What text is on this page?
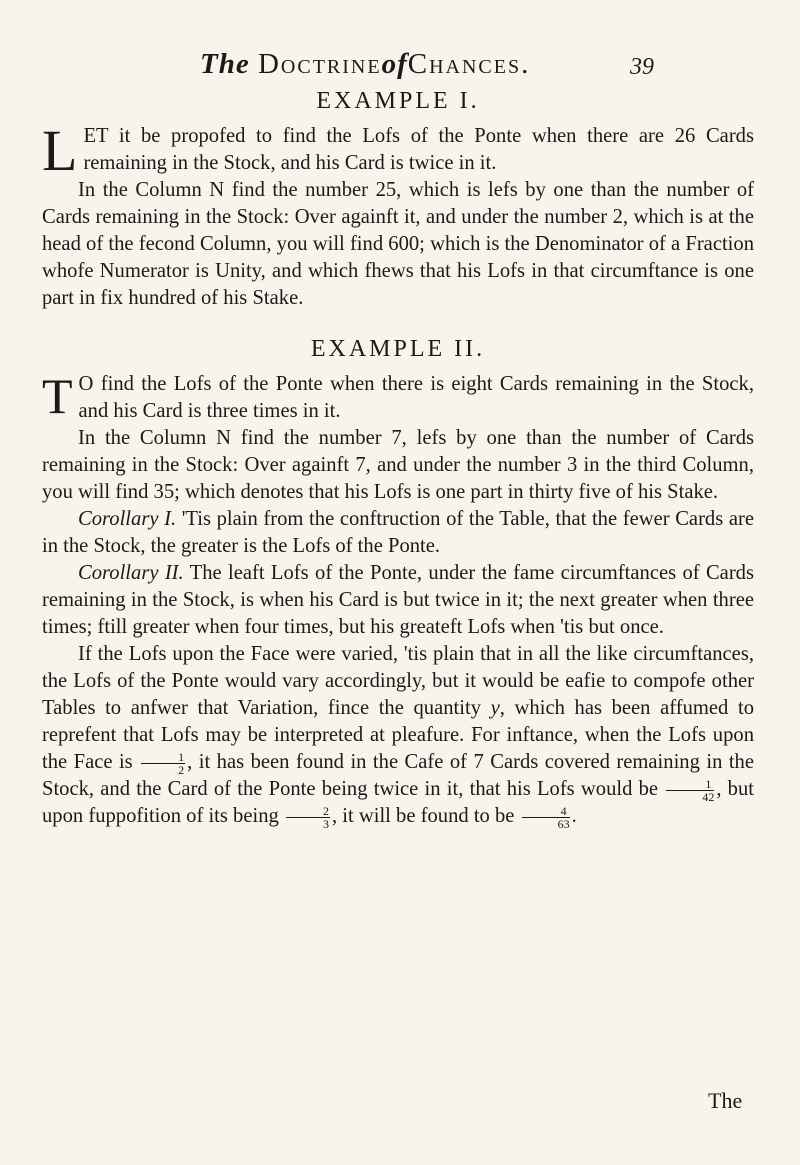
The DoctrineofChances.	39
EXAMPLE I.

LET it be propofed to find the Lofs of the Ponte when there are 26 Cards remaining in the Stock, and his Card is twice in it.

In the Column N find the number 25, which is lefs by one than the number of Cards remaining in the Stock: Over againft it, and under the number 2, which is at the head of the fecond Column, you will find 600; which is the Denominator of a Fraction whofe Numerator is Unity, and which fhews that his Lofs in that circumftance is one part in fix hundred of his Stake.

EXAMPLE II.

T O find the Lofs of the Ponte when there is eight Cards remaining in the Stock, and his Card is three times in it.

In the Column N find the number 7, lefs by one than the number of Cards remaining in the Stock: Over againft 7, and under the number 3 in the third Column, you will find 35; which denotes that his Lofs is one part in thirty five of his Stake.

Corollary I. 'Tis plain from the conftruction of the Table, that the fewer Cards are in the Stock, the greater is the Lofs of the Ponte.

Corollary II. The leaft Lofs of the Ponte, under the fame circumftances of Cards remaining in the Stock, is when his Card is but twice in it; the next greater when three times; ftill greater when four times, but his greateft Lofs when 'tis but once.

If the Lofs upon the Face were varied, 'tis plain that in all the like circumftances, the Lofs of the Ponte would vary accordingly, but it would be eafie to compofe other Tables to anfwer that Variation, fince the quantity y, which has been affumed to reprefent that Lofs may be interpreted at pleafure. For inftance, when the Lofs upon the Face is $\frac{1}{2}$ , it has been found in the Cafe of 7 Cards covered remaining in the Stock, and the Card of the Ponte being twice in it, that his Lofs would be $\frac{1}{42}$ , but upon fuppofition of its being $\frac{2}{3}$ , it will be found to be $\frac{4}{63}$ .

The
